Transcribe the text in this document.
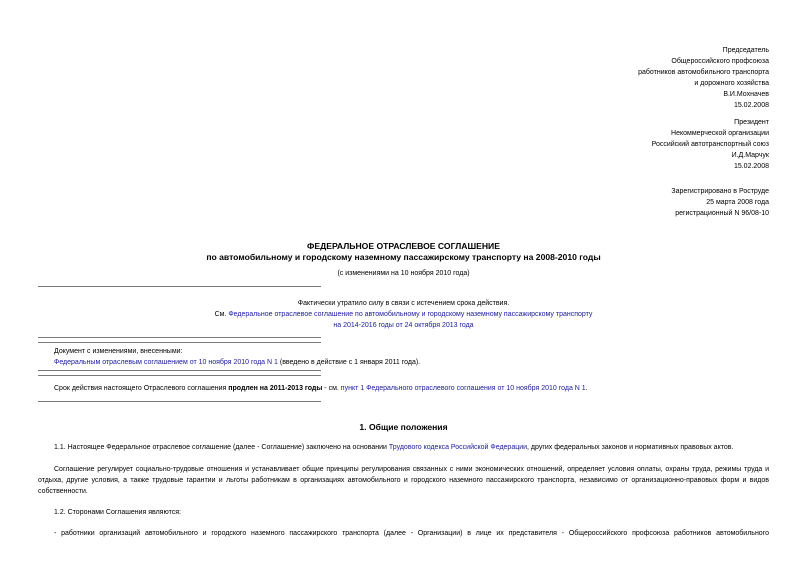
Председатель
Общероссийского профсоюза
работников автомобильного транспорта
и дорожного хозяйства
В.И.Мохначев
15.02.2008
Президент
Некоммерческой организации
Российский автотранспортный союз
И.Д.Марчук
15.02.2008
Зарегистрировано в Рострудe
25 марта 2008 года
регистрационный N 96/08-10
ФЕДЕРАЛЬНОЕ ОТРАСЛЕВОЕ СОГЛАШЕНИЕ
по автомобильному и городскому наземному пассажирскому транспорту на 2008-2010 годы
(с изменениями на 10 ноября 2010 года)
Фактически утратило силу в связи с истечением срока действия.
См. Федеральное отраслевое соглашение по автомобильному и городскому наземному пассажирскому транспорту
на 2014-2016 годы от 24 октября 2013 года
Документ с изменениями, внесенными:
Федеральным отраслевым соглашением от 10 ноября 2010 года N 1 (введено в действие с 1 января 2011 года).
Срок действия настоящего Отраслевого соглашения продлен на 2011-2013 годы - см. пункт 1 Федерального отраслевого соглашения от 10 ноября 2010 года N 1.
1. Общие положения
1.1. Настоящее Федеральное отраслевое соглашение (далее - Соглашение) заключено на основании Трудового кодекса Российской Федерации, других федеральных законов и нормативных правовых актов.
Соглашение регулирует социально-трудовые отношения и устанавливает общие принципы регулирования связанных с ними экономических отношений, определяет условия оплаты, охраны труда, режимы труда и отдыха, другие условия, а также трудовые гарантии и льготы работникам в организациях автомобильного и городского наземного пассажирского транспорта, независимо от организационно-правовых форм и видов собственности.
1.2. Сторонами Соглашения являются:
- работники организаций автомобильного и городского наземного пассажирского транспорта (далее - Организации) в лице их представителя - Общероссийского профсоюза работников автомобильного
